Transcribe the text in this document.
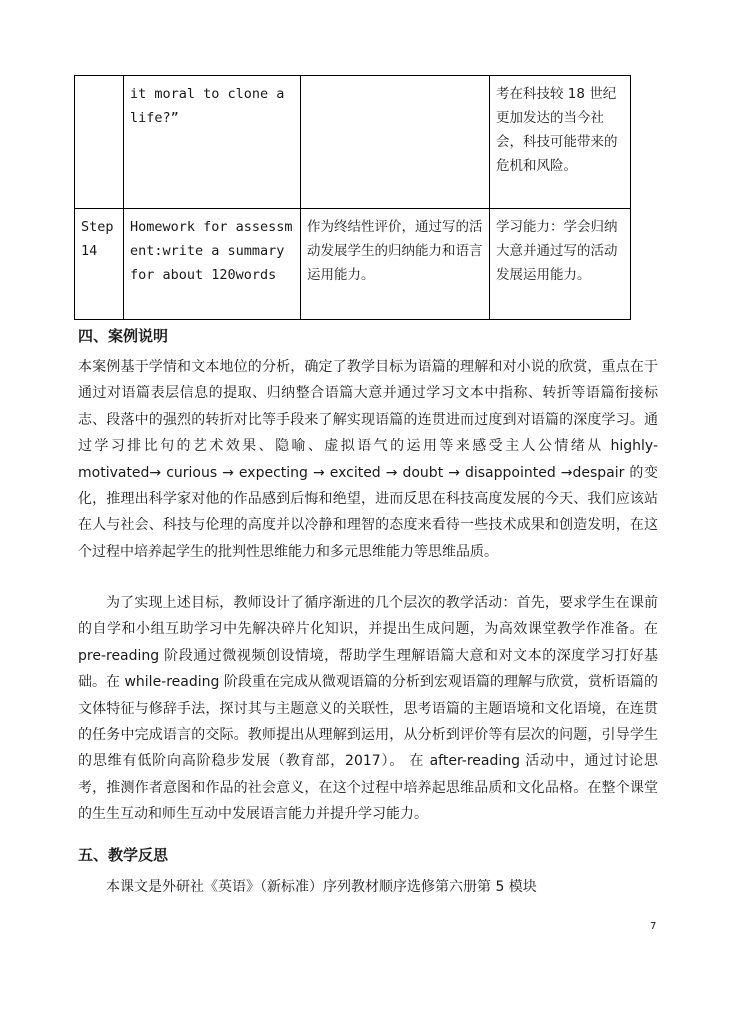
	it moral to clone a life?”		考在科技较 18 世纪更加发达的当今社会，科技可能带来的危机和风险。
Step 14	Homework for assessment:write a summary for about 120words	作为终结性评价，通过写的活动发展学生的归纳能力和语言运用能力。	学习能力：学会归纳大意并通过写的活动发展运用能力。
四、案例说明

本案例基于学情和文本地位的分析，确定了教学目标为语篇的理解和对小说的欣赏，重点在于通过对语篇表层信息的提取、归纳整合语篇大意并通过学习文本中指称、转折等语篇衔接标志、段落中的强烈的转折对比等手段来了解实现语篇的连贯进而过度到对语篇的深度学习。通过学习排比句的艺术效果、隐喻、虚拟语气的运用等来感受主人公情绪从 highly-motivated→ curious → expecting → excited → doubt → disappointed →despair 的变化，推理出科学家对他的作品感到后悔和绝望，进而反思在科技高度发展的今天、我们应该站在人与社会、科技与伦理的高度并以冷静和理智的态度来看待一些技术成果和创造发明，在这个过程中培养起学生的批判性思维能力和多元思维能力等思维品质。

为了实现上述目标，教师设计了循序渐进的几个层次的教学活动：首先，要求学生在课前的自学和小组互助学习中先解决碎片化知识，并提出生成问题，为高效课堂教学作准备。在 pre-reading 阶段通过微视频创设情境，帮助学生理解语篇大意和对文本的深度学习打好基础。在 while-reading 阶段重在完成从微观语篇的分析到宏观语篇的理解与欣赏，赏析语篇的文体特征与修辞手法，探讨其与主题意义的关联性，思考语篇的主题语境和文化语境，在连贯的任务中完成语言的交际。教师提出从理解到运用，从分析到评价等有层次的问题，引导学生的思维有低阶向高阶稳步发展（教育部，2017）。 在 after-reading 活动中，通过讨论思考，推测作者意图和作品的社会意义，在这个过程中培养起思维品质和文化品格。在整个课堂的生生互动和师生互动中发展语言能力并提升学习能力。

五、教学反思

本课文是外研社《英语》（新标准）序列教材顺序选修第六册第 5 模块

7
